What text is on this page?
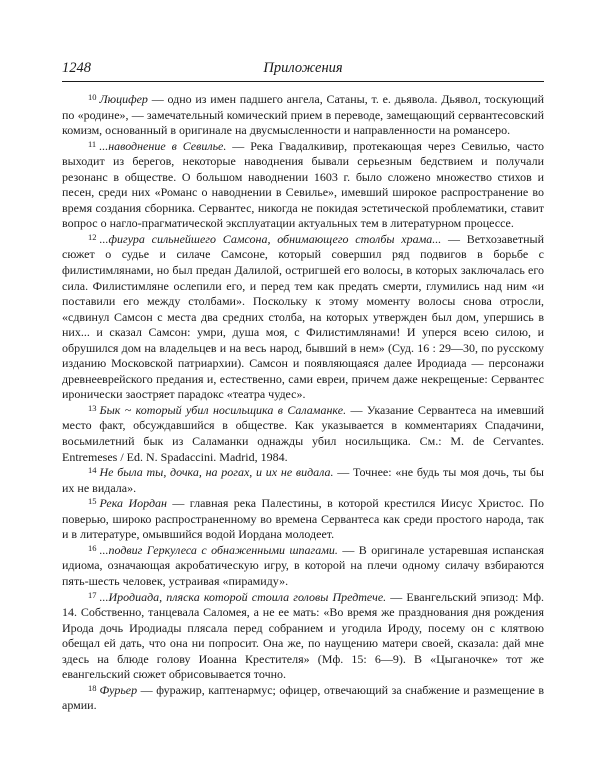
1248	Приложения

$^{10}$ Люцифер — одно из имен падшего ангела, Сатаны, т. е. дьявола. Дьявол, тоскующий по «родине», — замечательный комический прием в переводе, замещающий сервантесовский комизм, основанный в оригинале на двусмысленности и направленности на романсеро.

$^{11}$ ...наводнение в Севилье. — Река Гвадалкивир, протекающая через Севилью, часто выходит из берегов, некоторые наводнения бывали серьезным бедствием и получали резонанс в обществе. О большом наводнении 1603 г. было сложено множество стихов и песен, среди них «Романс о наводнении в Севилье», имевший широкое распространение во время создания сборника. Сервантес, никогда не покидая эстетической проблематики, ставит вопрос о нагло-прагматической эксплуатации актуальных тем в литературном процессе.

$^{12}$ ...фигура сильнейшего Самсона, обнимающего столбы храма... — Ветхозаветный сюжет о судье и силаче Самсоне, который совершил ряд подвигов в борьбе с филистимлянами, но был предан Далилой, остригшей его волосы, в которых заключалась его сила. Филистимляне ослепили его, и перед тем как предать смерти, глумились над ним «и поставили его между столбами». Поскольку к этому моменту волосы снова отросли, «сдвинул Самсон с места два средних столба, на которых утвержден был дом, упершись в них... и сказал Самсон: умри, душа моя, с Филистимлянами! И уперся всею силою, и обрушился дом на владельцев и на весь народ, бывший в нем» (Суд. 16 : 29—30, по русскому изданию Московской патриархии). Самсон и появляющаяся далее Иродиада — персонажи древнееврейского предания и, естественно, сами евреи, причем даже некрещеные: Сервантес иронически заостряет парадокс «театра чудес».

$^{13}$ Бык ~ который убил носильщика в Саламанке. — Указание Сервантеса на имевший место факт, обсуждавшийся в обществе. Как указывается в комментариях Спадачини, восьмилетний бык из Саламанки однажды убил носильщика. См.: M. de Cervantes. Entremeses / Ed. N. Spadaccini. Madrid, 1984.

$^{14}$ Не была ты, дочка, на рогах, и их не видала. — Точнее: «не будь ты моя дочь, ты бы их не видала».

$^{15}$ Река Иордан — главная река Палестины, в которой крестился Иисус Христос. По поверью, широко распространенному во времена Сервантеса как среди простого народа, так и в литературе, омывшийся водой Иордана молодеет.

$^{16}$ ...подвиг Геркулеса с обнаженными шпагами. — В оригинале устаревшая испанская идиома, означающая акробатическую игру, в которой на плечи одному силачу взбираются пять-шесть человек, устраивая «пирамиду».

$^{17}$ ...Иродиада, пляска которой стоила головы Предтече. — Евангельский эпизод: Мф. 14. Собственно, танцевала Саломея, а не ее мать: «Во время же празднования дня рождения Ирода дочь Иродиады плясала перед собранием и угодила Ироду, посему он с клятвою обещал ей дать, что она ни попросит. Она же, по наущению матери своей, сказала: дай мне здесь на блюде голову Иоанна Крестителя» (Мф. 15: 6—9). В «Цыганочке» тот же евангельский сюжет обрисовывается точно.

$^{18}$ Фурьер — фуражир, каптенармус; офицер, отвечающий за снабжение и размещение в армии.
